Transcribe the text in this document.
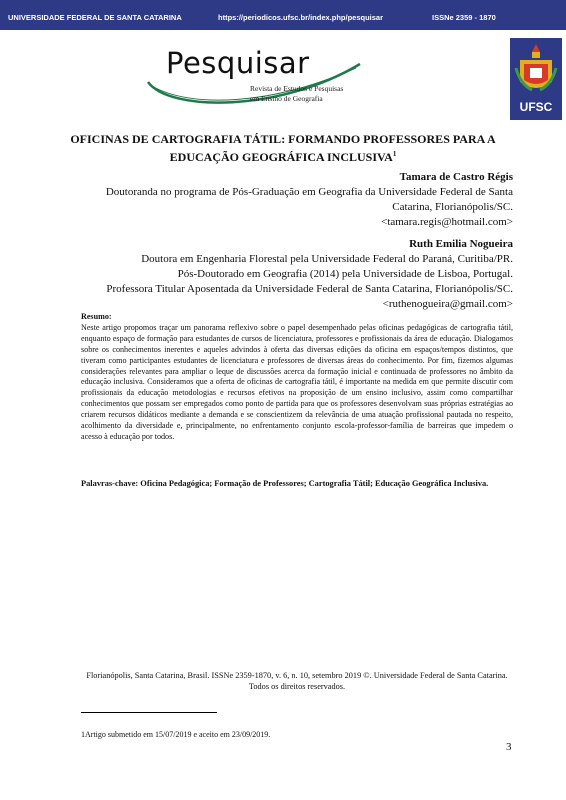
UNIVERSIDADE FEDERAL DE SANTA CATARINA	https://periodicos.ufsc.br/index.php/pesquisar	ISSNe 2359 - 1870
Pesquisar
Revista de Estudos e Pesquisas
em Ensino de Geografia
UFSC
OFICINAS DE CARTOGRAFIA TÁTIL: FORMANDO PROFESSORES PARA A EDUCAÇÃO GEOGRÁFICA INCLUSIVA$^1$
Tamara de Castro Régis
Doutoranda no programa de Pós-Graduação em Geografia da Universidade Federal de Santa
Catarina, Florianópolis/SC.
<tamara.regis@hotmail.com>
Ruth Emilia Nogueira
Doutora em Engenharia Florestal pela Universidade Federal do Paraná, Curitiba/PR.
Pós-Doutorado em Geografia (2014) pela Universidade de Lisboa, Portugal.
Professora Titular Aposentada da Universidade Federal de Santa Catarina, Florianópolis/SC.
<ruthenogueira@gmail.com>
Resumo:
Neste artigo propomos traçar um panorama reflexivo sobre o papel desempenhado pelas oficinas pedagógicas de cartografia tátil, enquanto espaço de formação para estudantes de cursos de licenciatura, professores e profissionais da área de educação. Dialogamos sobre os conhecimentos inerentes e aqueles advindos à oferta das diversas edições da oficina em espaços/tempos distintos, que tiveram como participantes estudantes de licenciatura e professores de diversas áreas do conhecimento. Por fim, fizemos algumas considerações relevantes para ampliar o leque de discussões acerca da formação inicial e continuada de professores no âmbito da educação inclusiva. Consideramos que a oferta de oficinas de cartografia tátil, é importante na medida em que permite discutir com profissionais da educação metodologias e recursos efetivos na proposição de um ensino inclusivo, assim como compartilhar conhecimentos que possam ser empregados como ponto de partida para que os professores desenvolvam suas próprias estratégias ao criarem recursos didáticos mediante a demanda e se conscientizem da relevância de uma atuação profissional pautada no respeito, acolhimento da diversidade e, principalmente, no enfrentamento conjunto escola-professor-família de barreiras que impedem o acesso à educação por todos.
Palavras-chave: Oficina Pedagógica; Formação de Professores; Cartografia Tátil; Educação Geográfica Inclusiva.
Florianópolis, Santa Catarina, Brasil. ISSNe 2359-1870, v. 6, n. 10, setembro 2019 ©. Universidade Federal de Santa Catarina. Todos os direitos reservados.
1Artigo submetido em 15/07/2019 e aceito em 23/09/2019.
3
